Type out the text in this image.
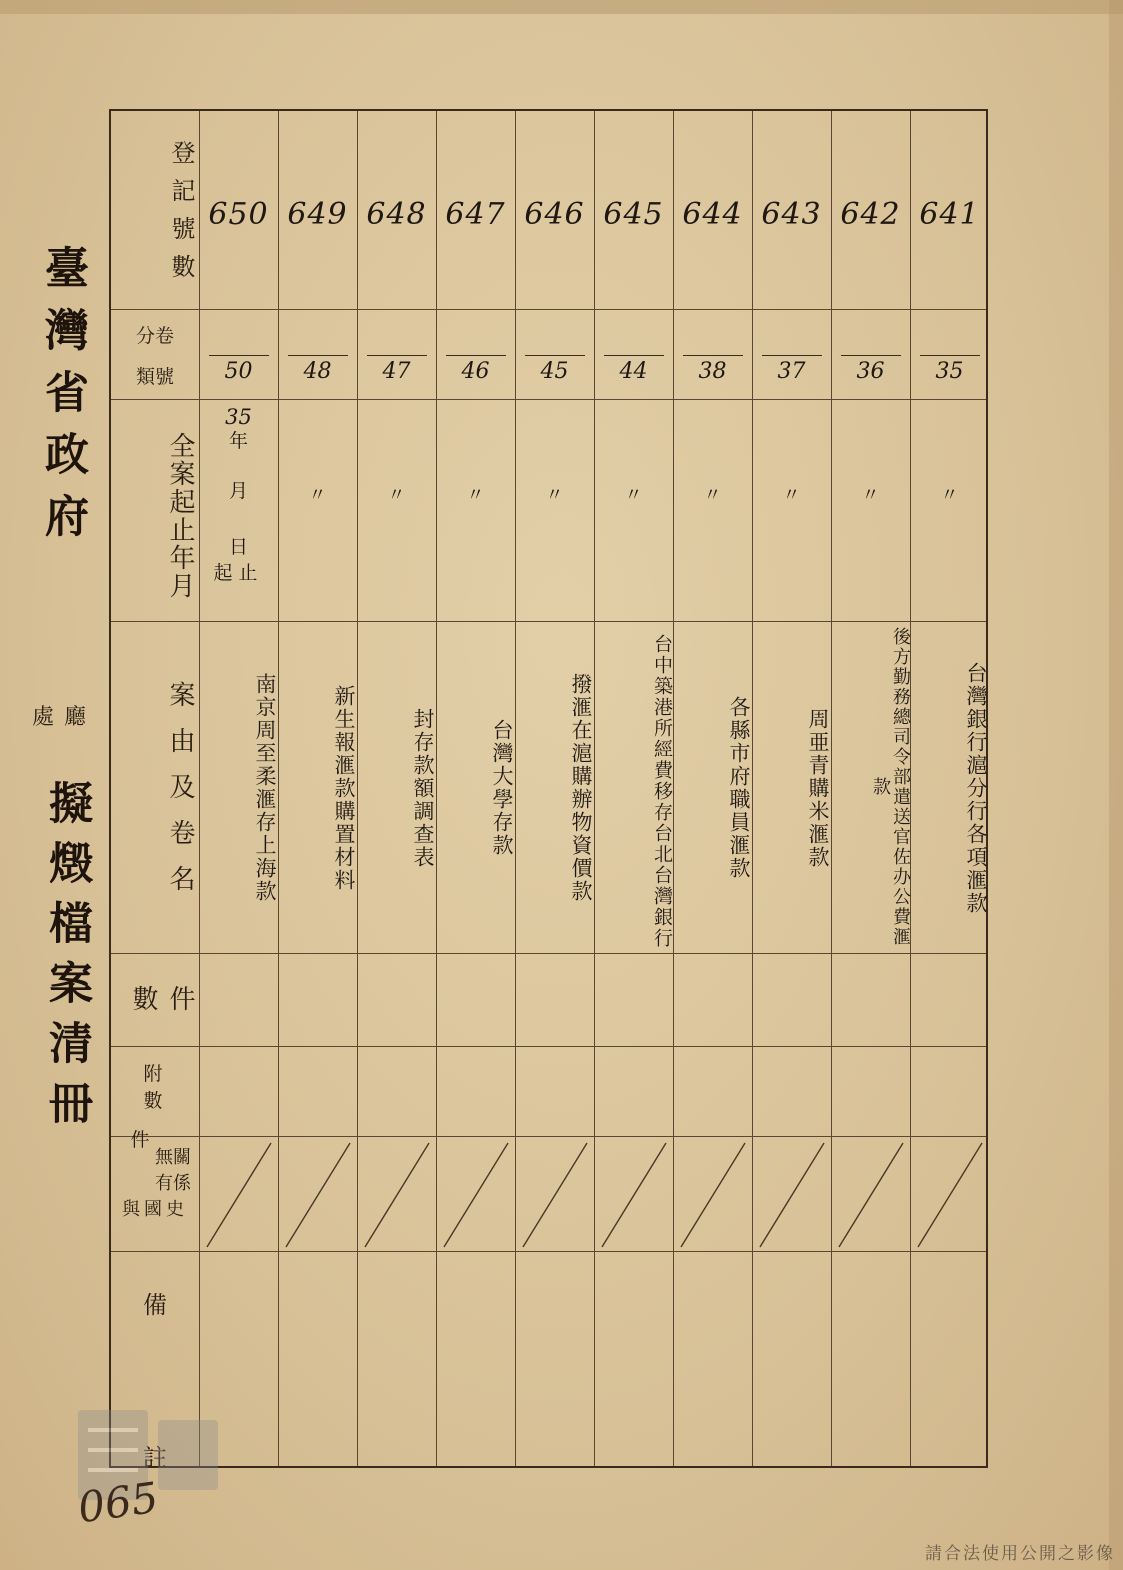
臺灣省政府
處 廳
擬燬檔案清冊
登記號數
分卷
類號
全案起止年月
案由及卷名
件數
附數
件
無關
有係
與國史
備
註
650
50
35
年
月
日
起止
南京周至柔滙存上海款
649
48
〃
新生報滙款購置材料
648
47
〃
封存款額調查表
647
46
〃
台灣大學存款
646
45
〃
撥滙在滬購辦物資價款
645
44
〃
台中築港所經費移存台北台灣銀行
644
38
〃
各縣市府職員滙款
643
37
〃
周亜青購米滙款
642
36
〃
後方勤務總司令部遣送官佐办公費滙款
641
35
〃
台灣銀行滬分行各項滙款
065
請合法使用公開之影像
